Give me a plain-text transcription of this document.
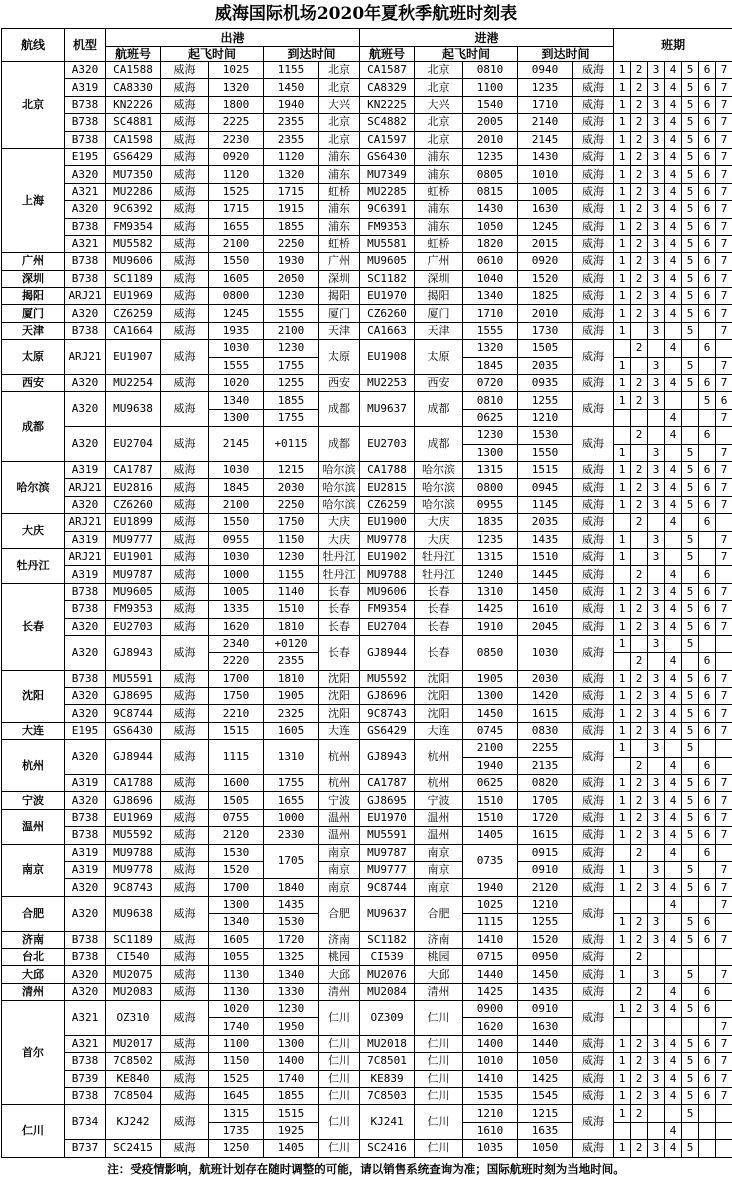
威海国际机场2020年夏秋季航班时刻表
航线	机型	出港					进港					班期						
		航班号	起飞时间		到达时间		航班号	起飞时间		到达时间								
北京	A320	CA1588	威海	1025	1155	北京	CA1587	北京	0810	0940	威海	1	2	3	4	5	6	7
	A319	CA8330	威海	1320	1450	北京	CA8329	北京	1100	1235	威海	1	2	3	4	5	6	7
	B738	KN2226	威海	1800	1940	大兴	KN2225	大兴	1540	1710	威海	1	2	3	4	5	6	7
	B738	SC4881	威海	2225	2355	北京	SC4882	北京	2005	2140	威海	1	2	3	4	5	6	7
	B738	CA1598	威海	2230	2355	北京	CA1597	北京	2010	2145	威海	1	2	3	4	5	6	7
上海	E195	GS6429	威海	0920	1120	浦东	GS6430	浦东	1235	1430	威海	1	2	3	4	5	6	7
	A320	MU7350	威海	1120	1320	浦东	MU7349	浦东	0805	1010	威海	1	2	3	4	5	6	7
	A321	MU2286	威海	1525	1715	虹桥	MU2285	虹桥	0815	1005	威海	1	2	3	4	5	6	7
	A320	9C6392	威海	1715	1915	浦东	9C6391	浦东	1430	1630	威海	1	2	3	4	5	6	7
	B738	FM9354	威海	1655	1855	浦东	FM9353	浦东	1050	1245	威海	1	2	3	4	5	6	7
	A321	MU5582	威海	2100	2250	虹桥	MU5581	虹桥	1820	2015	威海	1	2	3	4	5	6	7
广州	B738	MU9606	威海	1550	1930	广州	MU9605	广州	0610	0920	威海	1	2	3	4	5	6	7
深圳	B738	SC1189	威海	1605	2050	深圳	SC1182	深圳	1040	1520	威海	1	2	3	4	5	6	7
揭阳	ARJ21	EU1969	威海	0800	1230	揭阳	EU1970	揭阳	1340	1825	威海	1	2	3	4	5	6	7
厦门	A320	CZ6259	威海	1245	1555	厦门	CZ6260	厦门	1710	2010	威海	1	2	3	4	5	6	7
天津	B738	CA1664	威海	1935	2100	天津	CA1663	天津	1555	1730	威海	1		3		5		7
太原	ARJ21	EU1907	威海	1030	1230	太原	EU1908	太原	1320	1505	威海		2		4		6	
				1555	1755				1845	2035		1		3		5		7
西安	A320	MU2254	威海	1020	1255	西安	MU2253	西安	0720	0935	威海	1	2	3	4	5	6	7
成都	A320	MU9638	威海	1340	1855	成都	MU9637	成都	0810	1255	威海	1	2	3			5	6
				1300	1755				0625	1210					4			7
	A320	EU2704	威海	2145	+0115	成都	EU2703	成都	1230	1530	威海		2		4		6	
									1300	1550		1		3		5		7
哈尔滨	A319	CA1787	威海	1030	1215	哈尔滨	CA1788	哈尔滨	1315	1515	威海	1	2	3	4	5	6	7
	ARJ21	EU2816	威海	1845	2030	哈尔滨	EU2815	哈尔滨	0800	0945	威海	1	2	3	4	5	6	7
	A320	CZ6260	威海	2100	2250	哈尔滨	CZ6259	哈尔滨	0955	1145	威海	1	2	3	4	5	6	7
大庆	ARJ21	EU1899	威海	1550	1750	大庆	EU1900	大庆	1835	2035	威海		2		4		6	
	A319	MU9777	威海	0955	1150	大庆	MU9778	大庆	1235	1435	威海	1		3		5		7
牡丹江	ARJ21	EU1901	威海	1030	1230	牡丹江	EU1902	牡丹江	1315	1510	威海	1		3		5		7
	A319	MU9787	威海	1000	1155	牡丹江	MU9788	牡丹江	1240	1445	威海		2		4		6	
长春	B738	MU9605	威海	1005	1140	长春	MU9606	长春	1310	1450	威海	1	2	3	4	5	6	7
	B738	FM9353	威海	1335	1510	长春	FM9354	长春	1425	1610	威海	1	2	3	4	5	6	7
	A320	EU2703	威海	1620	1810	长春	EU2704	长春	1910	2045	威海	1	2	3	4	5	6	7
	A320	GJ8943	威海	2340	+0120	长春	GJ8944	长春	0850	1030	威海	1		3		5		
				2220	2355								2		4		6	
沈阳	B738	MU5591	威海	1700	1810	沈阳	MU5592	沈阳	1905	2030	威海	1	2	3	4	5	6	7
	A320	GJ8695	威海	1750	1905	沈阳	GJ8696	沈阳	1300	1420	威海	1	2	3	4	5	6	7
	A320	9C8744	威海	2210	2325	沈阳	9C8743	沈阳	1450	1615	威海	1	2	3	4	5	6	7
大连	E195	GS6430	威海	1515	1605	大连	GS6429	大连	0745	0830	威海	1	2	3	4	5	6	7
杭州	A320	GJ8944	威海	1115	1310	杭州	GJ8943	杭州	2100	2255	威海	1		3		5		
									1940	2135			2		4		6	
	A319	CA1788	威海	1600	1755	杭州	CA1787	杭州	0625	0820	威海	1	2	3	4	5	6	7
宁波	A320	GJ8696	威海	1505	1655	宁波	GJ8695	宁波	1510	1705	威海	1	2	3	4	5	6	7
温州	B738	EU1969	威海	0755	1000	温州	EU1970	温州	1510	1720	威海	1	2	3	4	5	6	7
	B738	MU5592	威海	2120	2330	温州	MU5591	温州	1405	1615	威海	1	2	3	4	5	6	7
南京	A319	MU9788	威海	1530	1705	南京	MU9787	南京	0735	0915	威海		2		4		6	
	A319	MU9778	威海	1520		南京	MU9777	南京		0910	威海	1		3		5		7
	A320	9C8743	威海	1700	1840	南京	9C8744	南京	1940	2120	威海	1	2	3	4	5	6	7
合肥	A320	MU9638	威海	1300	1435	合肥	MU9637	合肥	1025	1210	威海				4			7
				1340	1530				1115	1255		1	2	3		5	6	
济南	B738	SC1189	威海	1605	1720	济南	SC1182	济南	1410	1520	威海	1	2	3	4	5	6	7
台北	B738	CI540	威海	1055	1325	桃园	CI539	桃园	0715	0950	威海		2					
大邱	A320	MU2075	威海	1130	1340	大邱	MU2076	大邱	1440	1450	威海	1		3		5		7
清州	A320	MU2083	威海	1130	1330	清州	MU2084	清州	1425	1435	威海		2		4		6	
首尔	A321	OZ310	威海	1020	1230	仁川	OZ309	仁川	0900	0910	威海	1	2	3	4	5	6	
				1740	1950				1620	1630								7
	A321	MU2017	威海	1100	1300	仁川	MU2018	仁川	1400	1440	威海	1	2	3	4	5	6	7
	B738	7C8502	威海	1150	1400	仁川	7C8501	仁川	1010	1050	威海	1	2	3	4	5	6	7
	B739	KE840	威海	1525	1740	仁川	KE839	仁川	1410	1425	威海	1	2	3	4	5	6	7
	B738	7C8504	威海	1645	1855	仁川	7C8503	仁川	1535	1545	威海	1	2	3	4	5	6	7
仁川	B734	KJ242	威海	1315	1515	仁川	KJ241	仁川	1210	1215	威海	1	2			5		
				1735	1925				1610	1635					4			
	B737	SC2415	威海	1250	1405	仁川	SC2416	仁川	1035	1050	威海	1	2	3	4	5		
注：受疫情影响，航班计划存在随时调整的可能，请以销售系统查询为准；国际航班时刻为当地时间。
